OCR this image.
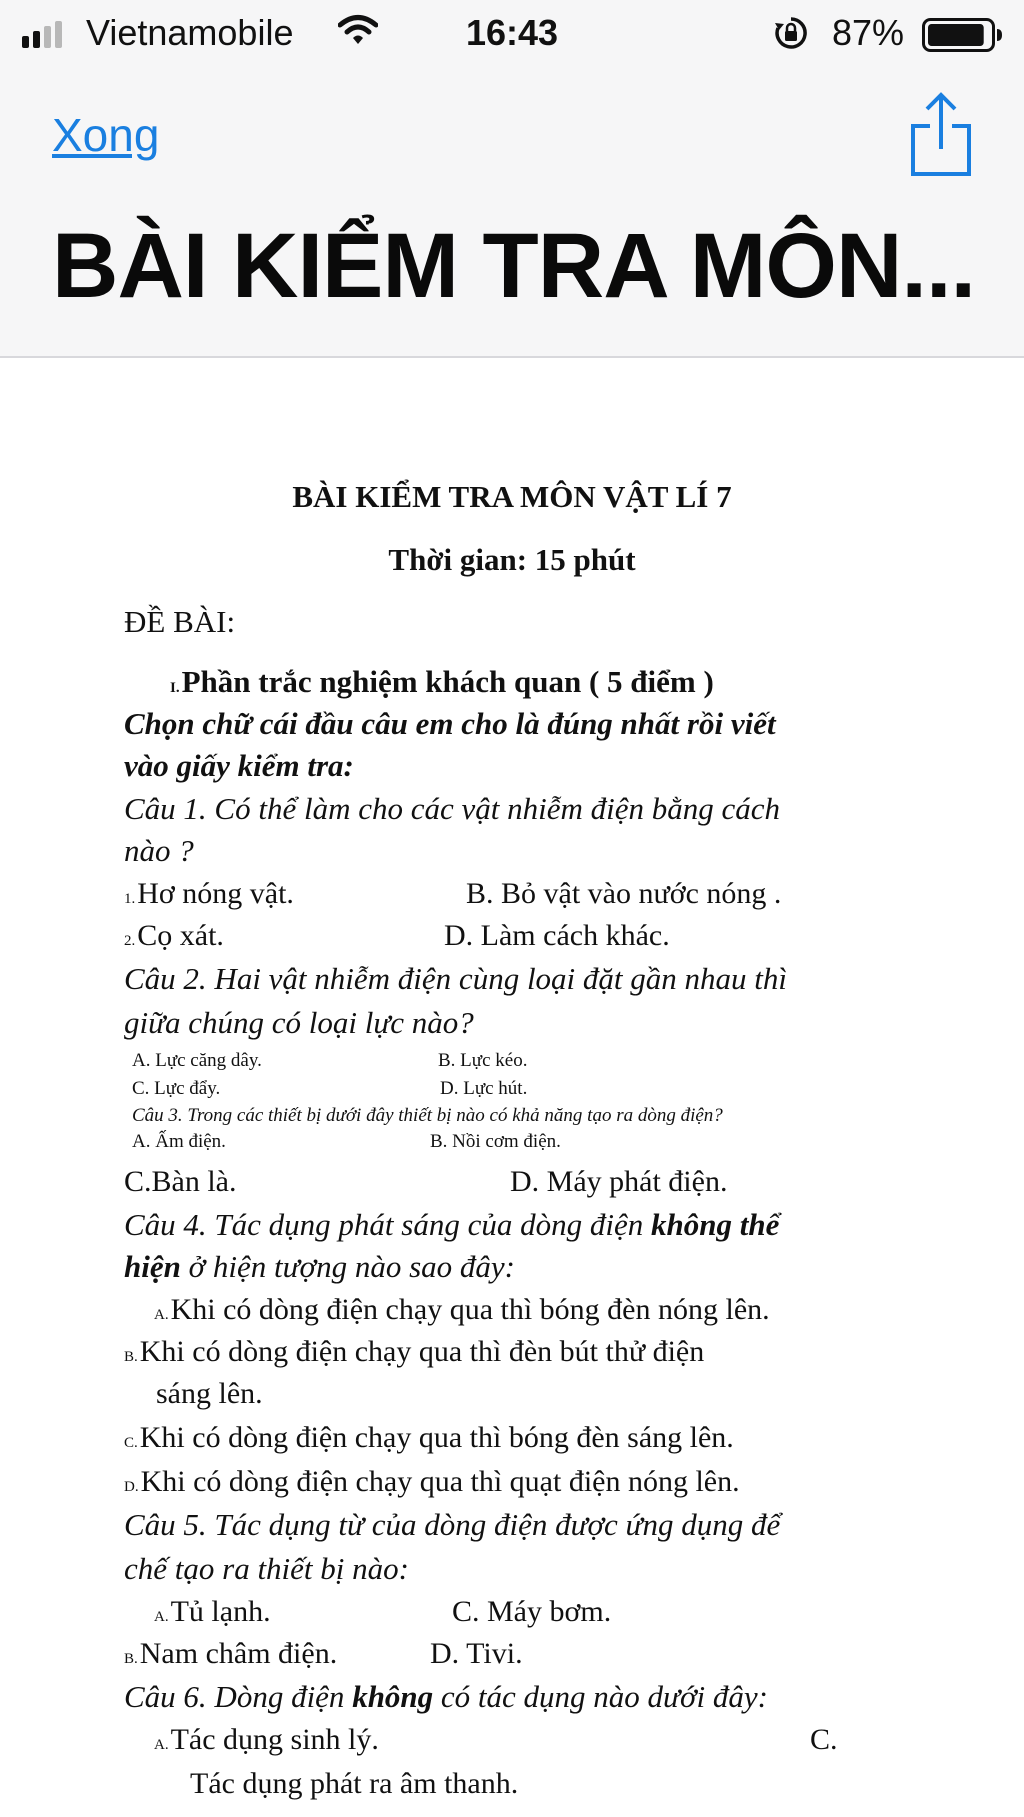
Vietnamobile	16:43	87%
Xong
BÀI KIỂM TRA MÔN...
BÀI KIỂM TRA MÔN VẬT LÍ 7
Thời gian: 15 phút
ĐỀ BÀI:
I.Phần trắc nghiệm khách quan ( 5 điểm )
Chọn chữ cái đầu câu em cho là đúng nhất rồi viết
vào giấy kiểm tra:
Câu 1. Có thể làm cho các vật nhiễm điện bằng cách
nào ?
1.Hơ nóng vật.	B. Bỏ vật vào nước nóng .
2.Cọ xát.	D. Làm cách khác.
Câu 2. Hai vật nhiễm điện cùng loại đặt gần nhau thì
giữa chúng có loại lực nào?
A. Lực căng dây.	B. Lực kéo.
C. Lực đẩy.	D. Lực hút.
Câu 3. Trong các thiết bị dưới đây thiết bị nào có khả năng tạo ra dòng điện?
A. Ấm điện.	B. Nồi cơm điện.
C.Bàn là.	D. Máy phát điện.
Câu 4. Tác dụng phát sáng của dòng điện không thể
hiện ở hiện tượng nào sao đây:
A.Khi có dòng điện chạy qua thì bóng đèn nóng lên.
B.Khi có dòng điện chạy qua thì đèn bút thử điện
sáng lên.
C.Khi có dòng điện chạy qua thì bóng đèn sáng lên.
D.Khi có dòng điện chạy qua thì quạt điện nóng lên.
Câu 5. Tác dụng từ của dòng điện được ứng dụng để
chế tạo ra thiết bị nào:
A.Tủ lạnh.	C. Máy bơm.
B.Nam châm điện.	D. Tivi.
Câu 6. Dòng điện không có tác dụng nào dưới đây:
A.Tác dụng sinh lý.	C.
Tác dụng phát ra âm thanh.
